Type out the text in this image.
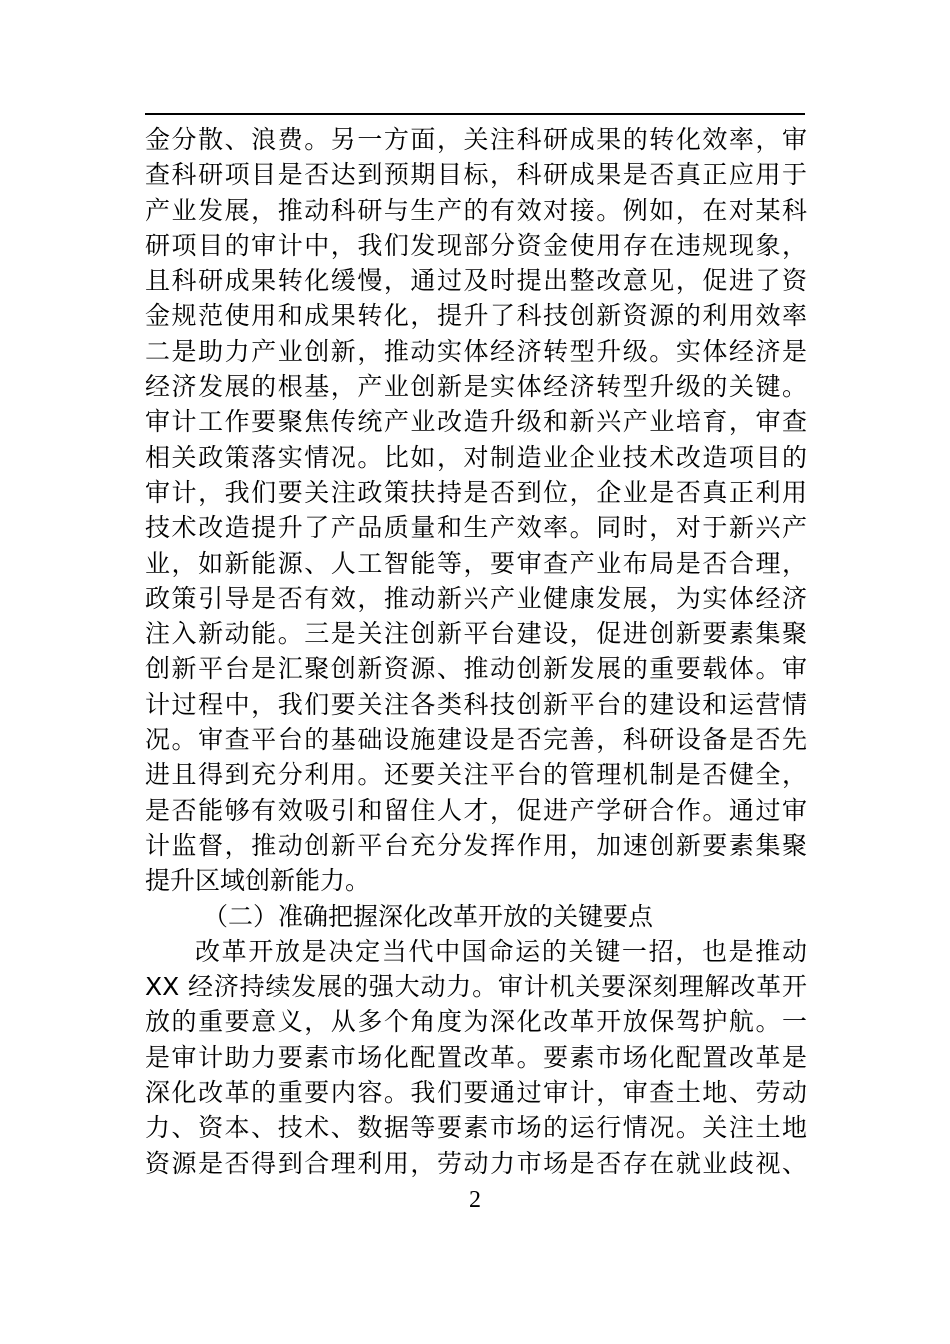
金分散、浪费。另一方面，关注科研成果的转化效率，审
查科研项目是否达到预期目标，科研成果是否真正应用于
产业发展，推动科研与生产的有效对接。例如，在对某科
研项目的审计中，我们发现部分资金使用存在违规现象，
且科研成果转化缓慢，通过及时提出整改意见，促进了资
金规范使用和成果转化，提升了科技创新资源的利用效率
二是助力产业创新，推动实体经济转型升级。实体经济是
经济发展的根基，产业创新是实体经济转型升级的关键。
审计工作要聚焦传统产业改造升级和新兴产业培育，审查
相关政策落实情况。比如，对制造业企业技术改造项目的
审计，我们要关注政策扶持是否到位，企业是否真正利用
技术改造提升了产品质量和生产效率。同时，对于新兴产
业，如新能源、人工智能等，要审查产业布局是否合理，
政策引导是否有效，推动新兴产业健康发展，为实体经济
注入新动能。三是关注创新平台建设，促进创新要素集聚
创新平台是汇聚创新资源、推动创新发展的重要载体。审
计过程中，我们要关注各类科技创新平台的建设和运营情
况。审查平台的基础设施建设是否完善，科研设备是否先
进且得到充分利用。还要关注平台的管理机制是否健全，
是否能够有效吸引和留住人才，促进产学研合作。通过审
计监督，推动创新平台充分发挥作用，加速创新要素集聚
提升区域创新能力。
（二）准确把握深化改革开放的关键要点
改革开放是决定当代中国命运的关键一招，也是推动
XX 经济持续发展的强大动力。审计机关要深刻理解改革开
放的重要意义，从多个角度为深化改革开放保驾护航。一
是审计助力要素市场化配置改革。要素市场化配置改革是
深化改革的重要内容。我们要通过审计，审查土地、劳动
力、资本、技术、数据等要素市场的运行情况。关注土地
资源是否得到合理利用，劳动力市场是否存在就业歧视、
2
